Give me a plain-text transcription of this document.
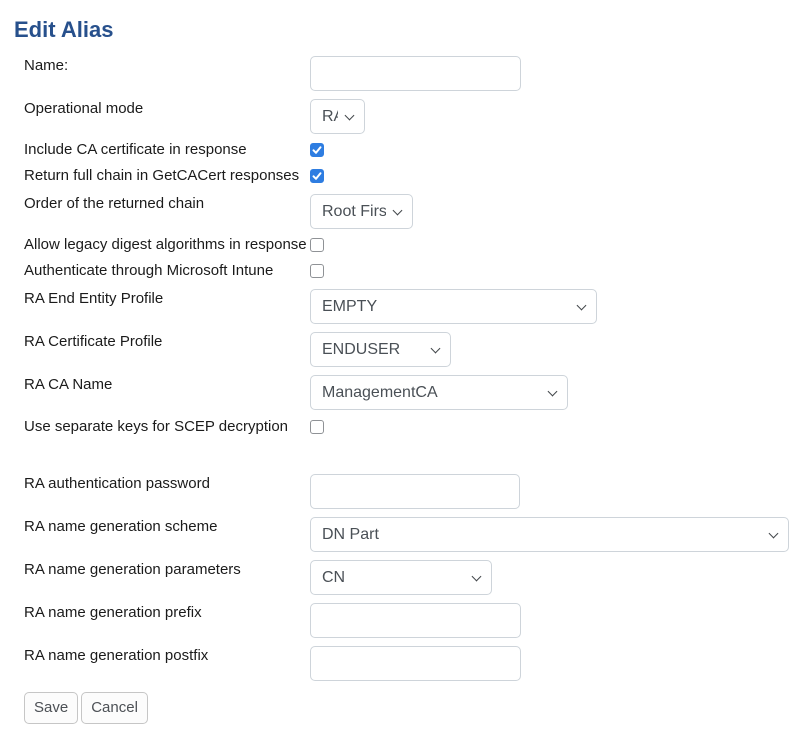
Edit Alias
Name:
Operational mode
RA
Include CA certificate in response
Return full chain in GetCACert responses
Order of the returned chain
Root First
Allow legacy digest algorithms in response
Authenticate through Microsoft Intune
RA End Entity Profile
EMPTY
RA Certificate Profile
ENDUSER
RA CA Name
ManagementCA
Use separate keys for SCEP decryption
RA authentication password
RA name generation scheme
DN Part
RA name generation parameters
CN
RA name generation prefix
RA name generation postfix
Save	Cancel
